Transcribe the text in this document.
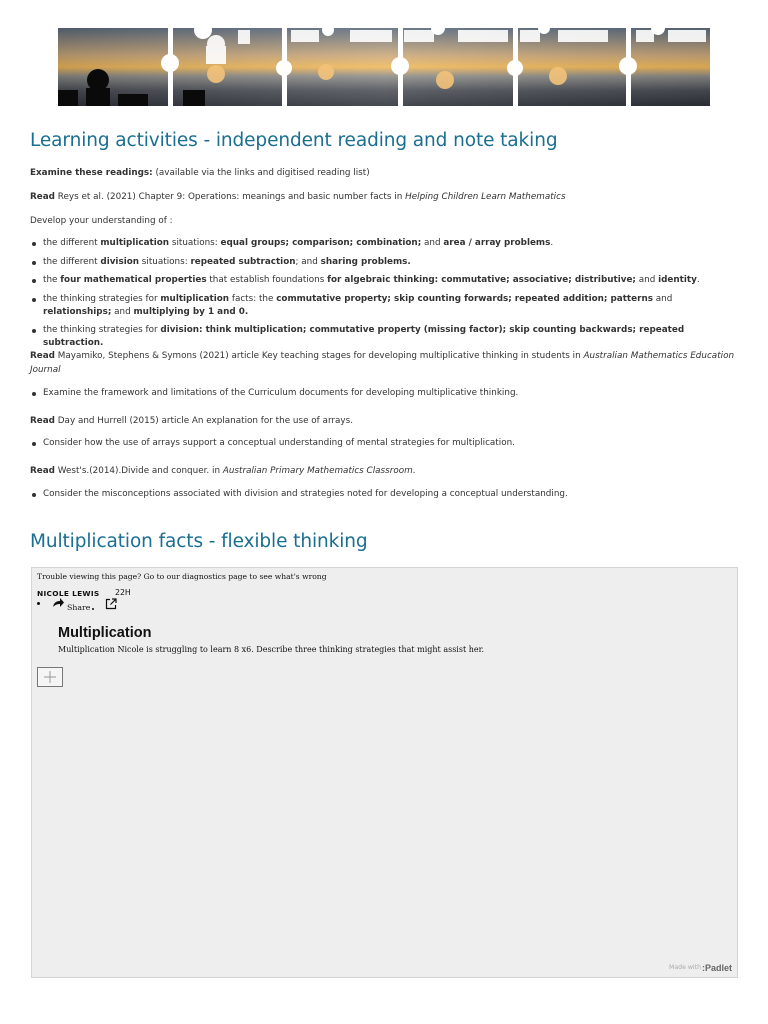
Learning activities - independent reading and note taking

Examine these readings: (available via the links and digitised reading list)

Read Reys et al. (2021) Chapter 9: Operations: meanings and basic number facts in Helping Children Learn Mathematics

Develop your understanding of :

the different multiplication situations: equal groups; comparison; combination; and area / array problems.
the different division situations: repeated subtraction; and sharing problems.
the four mathematical properties that establish foundations for algebraic thinking: commutative; associative; distributive; and identity.
the thinking strategies for multiplication facts: the commutative property; skip counting forwards; repeated addition; patterns and relationships; and multiplying by 1 and 0.
the thinking strategies for division: think multiplication; commutative property (missing factor); skip counting backwards; repeated subtraction.

Read Mayamiko, Stephens & Symons (2021) article Key teaching stages for developing multiplicative thinking in students in Australian Mathematics Education Journal

Examine the framework and limitations of the Curriculum documents for developing multiplicative thinking.

Read Day and Hurrell (2015) article An explanation for the use of arrays.

Consider how the use of arrays support a conceptual understanding of mental strategies for multiplication.

Read West's.(2014).Divide and conquer. in Australian Primary Mathematics Classroom.

Consider the misconceptions associated with division and strategies noted for developing a conceptual understanding.
Multiplication facts - flexible thinking
Trouble viewing this page? Go to our diagnostics page to see what's wrong
NICOLE LEWIS 22H
Share
Multiplication
Multiplication Nicole is struggling to learn 8 x6. Describe three thinking strategies that might assist her.
Made with :Padlet
